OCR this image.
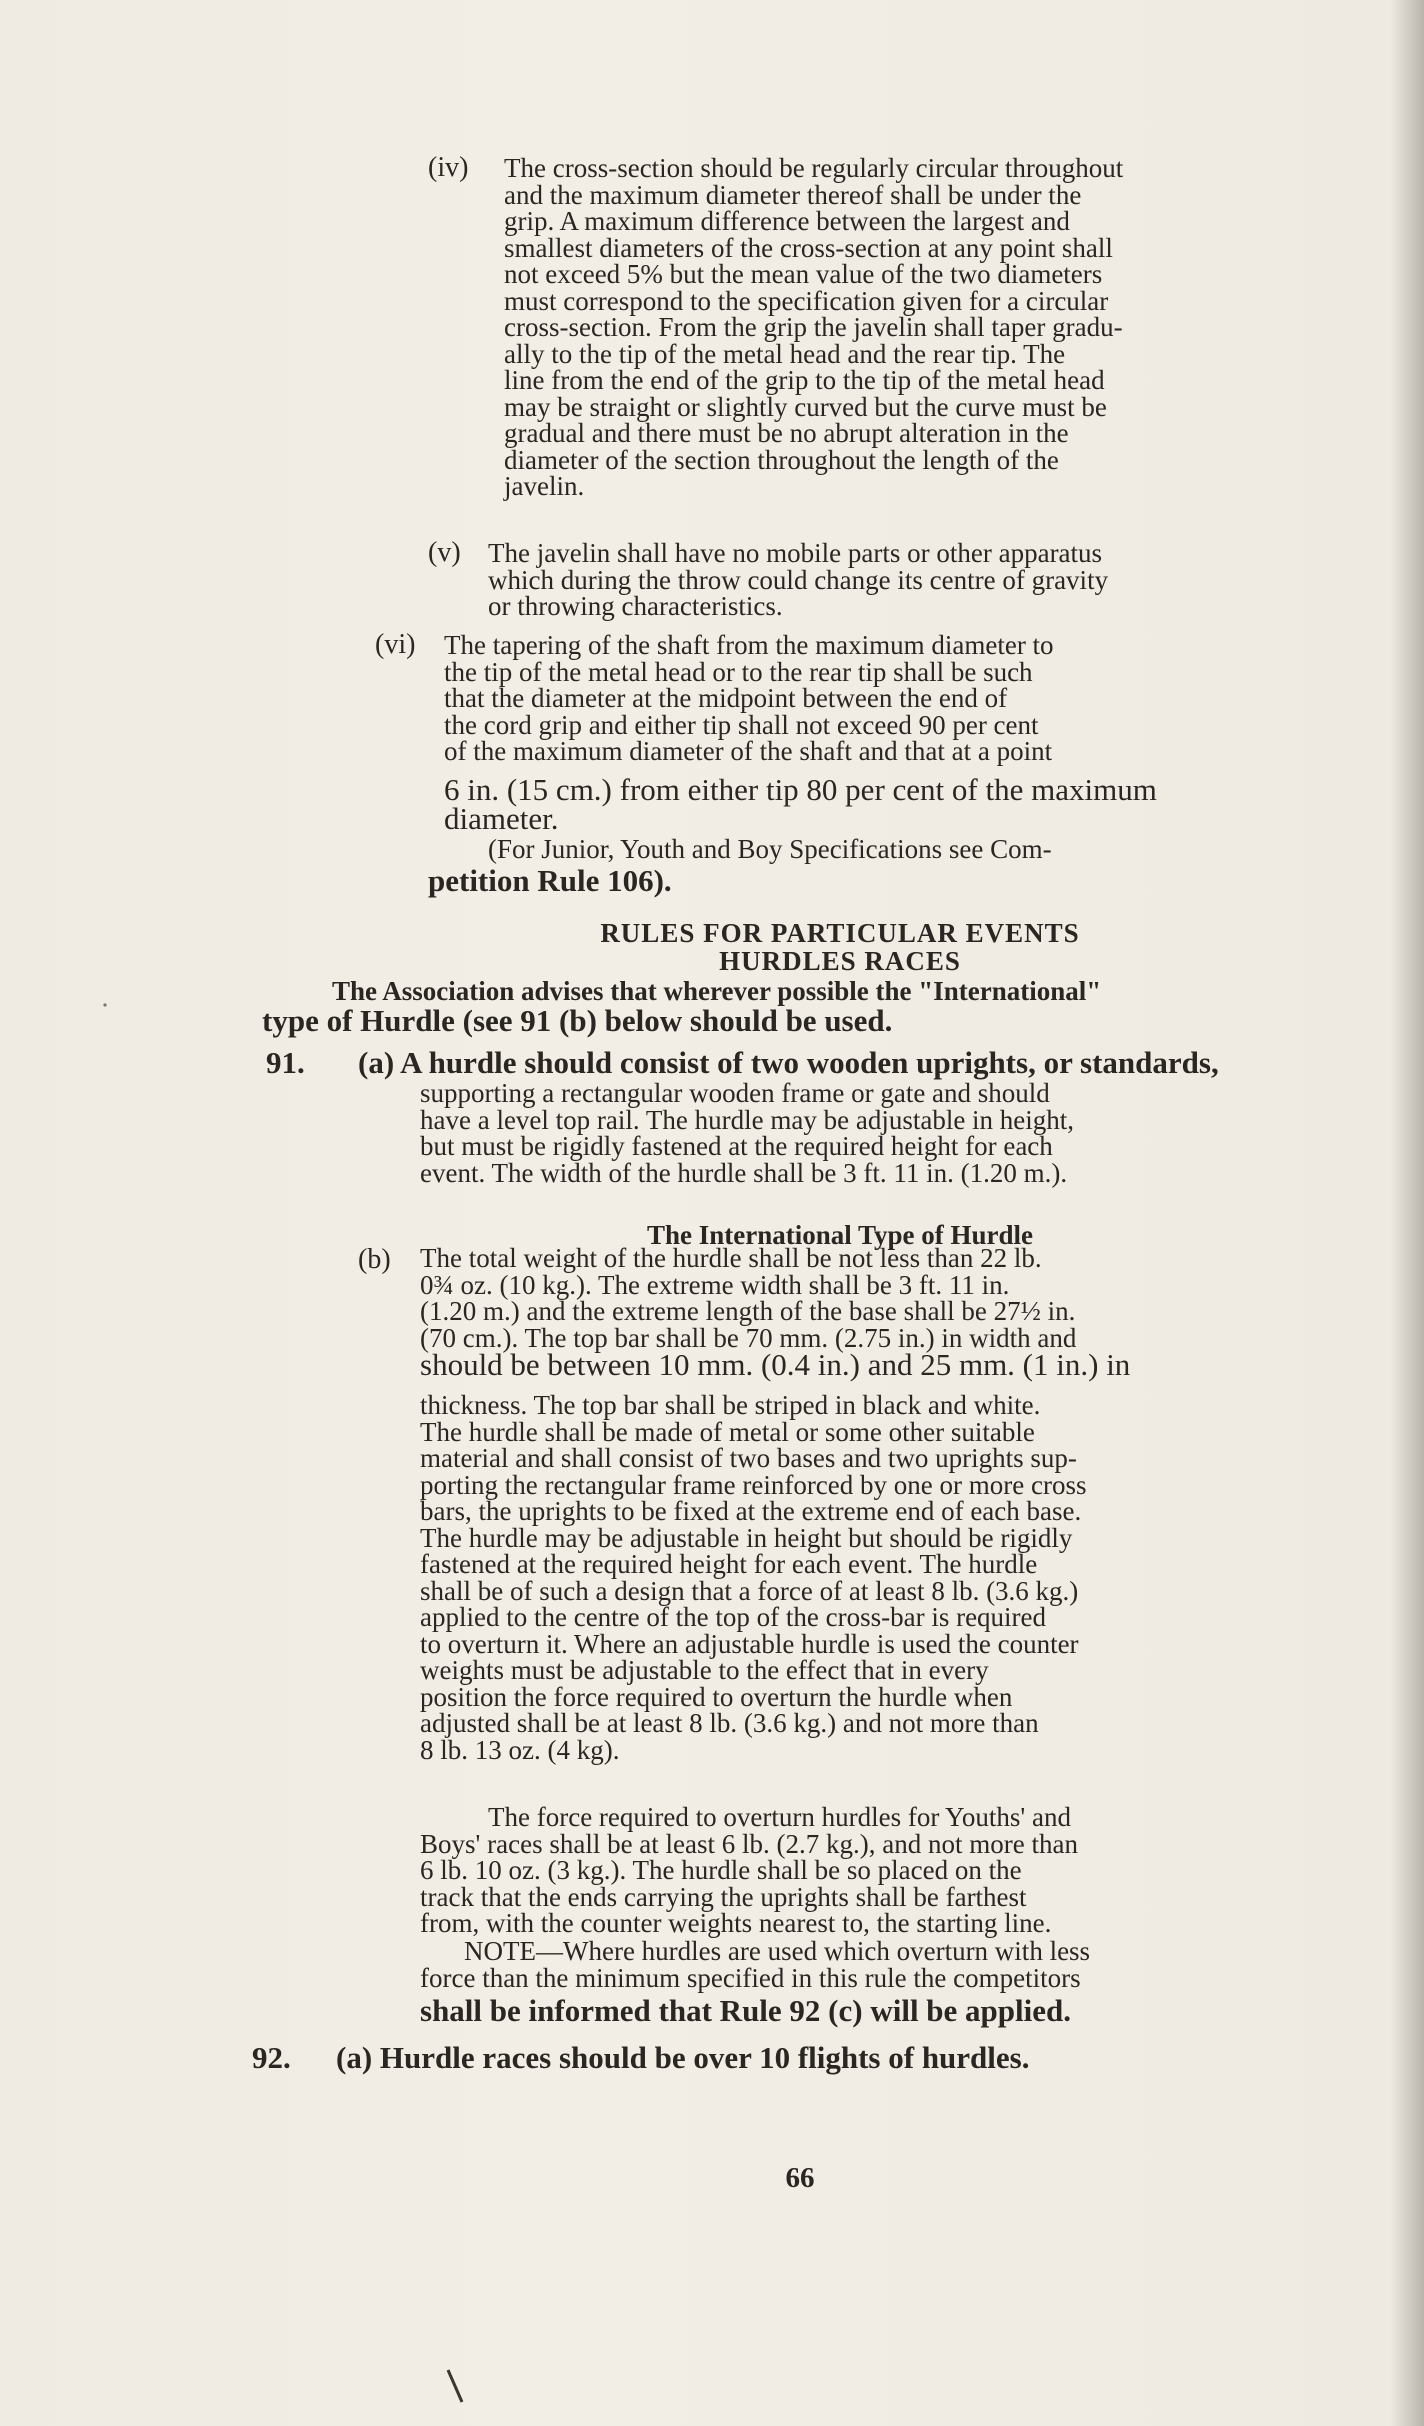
(iv) The cross-section should be regularly circular throughout
and the maximum diameter thereof shall be under the
grip. A maximum difference between the largest and
smallest diameters of the cross-section at any point shall
not exceed 5% but the mean value of the two diameters
must correspond to the specification given for a circular
cross-section. From the grip the javelin shall taper gradu-
ally to the tip of the metal head and the rear tip. The
line from the end of the grip to the tip of the metal head
may be straight or slightly curved but the curve must be
gradual and there must be no abrupt alteration in the
diameter of the section throughout the length of the
javelin.
(v) The javelin shall have no mobile parts or other apparatus
which during the throw could change its centre of gravity
or throwing characteristics.
(vi) The tapering of the shaft from the maximum diameter to
the tip of the metal head or to the rear tip shall be such
that the diameter at the midpoint between the end of
the cord grip and either tip shall not exceed 90 per cent
of the maximum diameter of the shaft and that at a point
6 in. (15 cm.) from either tip 80 per cent of the maximum
diameter.
(For Junior, Youth and Boy Specifications see Com-
petition Rule 106).
RULES FOR PARTICULAR EVENTS
HURDLES RACES
The Association advises that wherever possible the "International"
type of Hurdle (see 91 (b) below should be used.
91. (a) A hurdle should consist of two wooden uprights, or standards,
supporting a rectangular wooden frame or gate and should
have a level top rail. The hurdle may be adjustable in height,
but must be rigidly fastened at the required height for each
event. The width of the hurdle shall be 3 ft. 11 in. (1.20 m.).
The International Type of Hurdle
(b) The total weight of the hurdle shall be not less than 22 lb.
0¾ oz. (10 kg.). The extreme width shall be 3 ft. 11 in.
(1.20 m.) and the extreme length of the base shall be 27½ in.
(70 cm.). The top bar shall be 70 mm. (2.75 in.) in width and
should be between 10 mm. (0.4 in.) and 25 mm. (1 in.) in
thickness. The top bar shall be striped in black and white.
The hurdle shall be made of metal or some other suitable
material and shall consist of two bases and two uprights sup-
porting the rectangular frame reinforced by one or more cross
bars, the uprights to be fixed at the extreme end of each base.
The hurdle may be adjustable in height but should be rigidly
fastened at the required height for each event. The hurdle
shall be of such a design that a force of at least 8 lb. (3.6 kg.)
applied to the centre of the top of the cross-bar is required
to overturn it. Where an adjustable hurdle is used the counter
weights must be adjustable to the effect that in every
position the force required to overturn the hurdle when
adjusted shall be at least 8 lb. (3.6 kg.) and not more than
8 lb. 13 oz. (4 kg).
The force required to overturn hurdles for Youths' and
Boys' races shall be at least 6 lb. (2.7 kg.), and not more than
6 lb. 10 oz. (3 kg.). The hurdle shall be so placed on the
track that the ends carrying the uprights shall be farthest
from, with the counter weights nearest to, the starting line.
NOTE—Where hurdles are used which overturn with less
force than the minimum specified in this rule the competitors
shall be informed that Rule 92 (c) will be applied.
92. (a) Hurdle races should be over 10 flights of hurdles.
66
